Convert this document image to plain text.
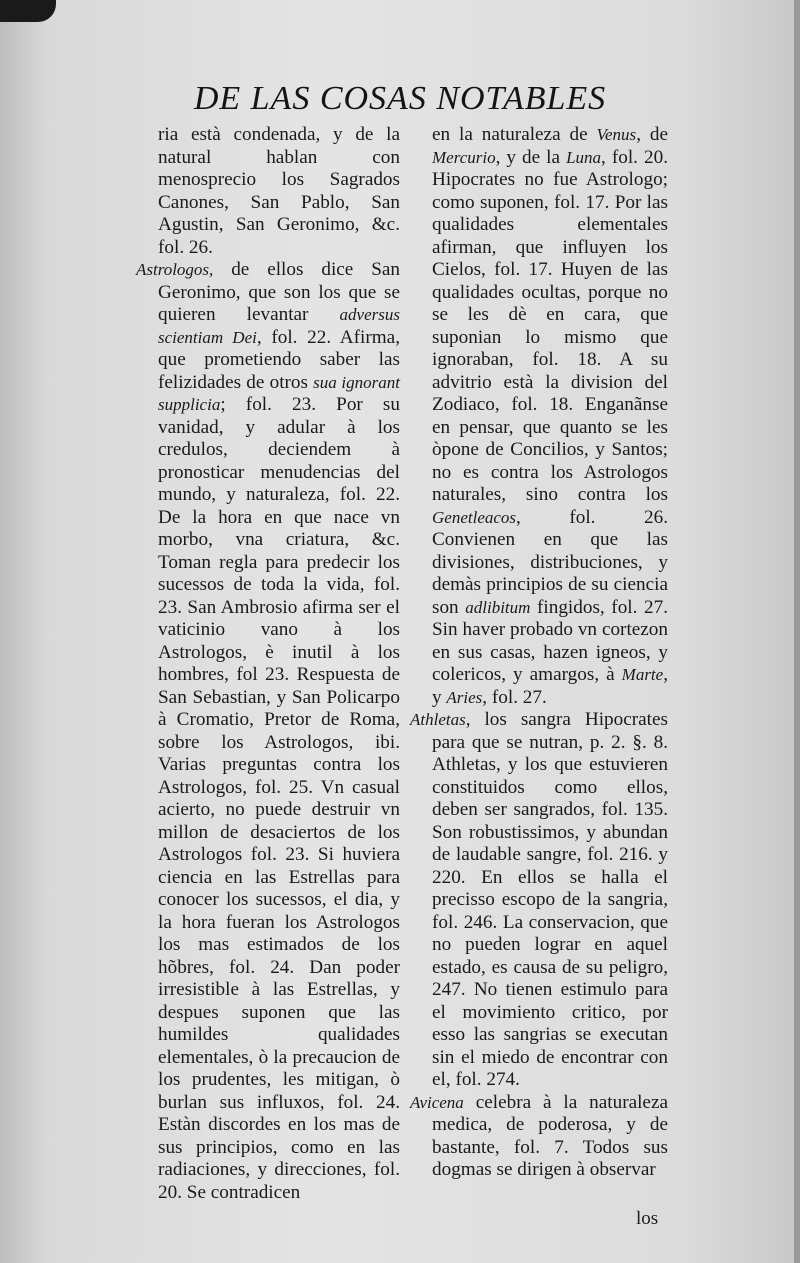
DE LAS COSAS NOTABLES

ria està condenada, y de la natural hablan con menosprecio los Sagrados Canones, San Pablo, San Agustin, San Geronimo, &c. fol. 26.

Astrologos, de ellos dice San Geronimo, que son los que se quieren levantar adversus scientiam Dei, fol. 22. Afirma, que prometiendo saber las felizidades de otros sua ignorant supplicia; fol. 23. Por su vanidad, y adular à los credulos, deciendem à pronosticar menudencias del mundo, y naturaleza, fol. 22. De la hora en que nace vn morbo, vna criatura, &c. Toman regla para predecir los sucessos de toda la vida, fol. 23. San Ambrosio afirma ser el vaticinio vano à los Astrologos, è inutil à los hombres, fol 23. Respuesta de San Sebastian, y San Policarpo à Cromatio, Pretor de Roma, sobre los Astrologos, ibi. Varias preguntas contra los Astrologos, fol. 25. Vn casual acierto, no puede destruir vn millon de desaciertos de los Astrologos fol. 23. Si huviera ciencia en las Estrellas para conocer los sucessos, el dia, y la hora fueran los Astrologos los mas estimados de los hõbres, fol. 24. Dan poder irresistible à las Estrellas, y despues suponen que las humildes qualidades elementales, ò la precaucion de los prudentes, les mitigan, ò burlan sus influxos, fol. 24. Estàn discordes en los mas de sus principios, como en las radiaciones, y direcciones, fol. 20. Se contradicen

en la naturaleza de Venus, de Mercurio, y de la Luna, fol. 20. Hipocrates no fue Astrologo; como suponen, fol. 17. Por las qualidades elementales afirman, que influyen los Cielos, fol. 17. Huyen de las qualidades ocultas, porque no se les dè en cara, que suponian lo mismo que ignoraban, fol. 18. A su advitrio està la division del Zodiaco, fol. 18. Enganãnse en pensar, que quanto se les òpone de Concilios, y Santos; no es contra los Astrologos naturales, sino contra los Genetleacos, fol. 26. Convienen en que las divisiones, distribuciones, y demàs principios de su ciencia son adlibitum fingidos, fol. 27. Sin haver probado vn cortezon en sus casas, hazen igneos, y colericos, y amargos, à Marte, y Aries, fol. 27.

Athletas, los sangra Hipocrates para que se nutran, p. 2. §. 8. Athletas, y los que estuvieren constituidos como ellos, deben ser sangrados, fol. 135. Son robustissimos, y abundan de laudable sangre, fol. 216. y 220. En ellos se halla el precisso escopo de la sangria, fol. 246. La conservacion, que no pueden lograr en aquel estado, es causa de su peligro, 247. No tienen estimulo para el movimiento critico, por esso las sangrias se executan sin el miedo de encontrar con el, fol. 274.

Avicena celebra à la naturaleza medica, de poderosa, y de bastante, fol. 7. Todos sus dogmas se dirigen à observar

los
